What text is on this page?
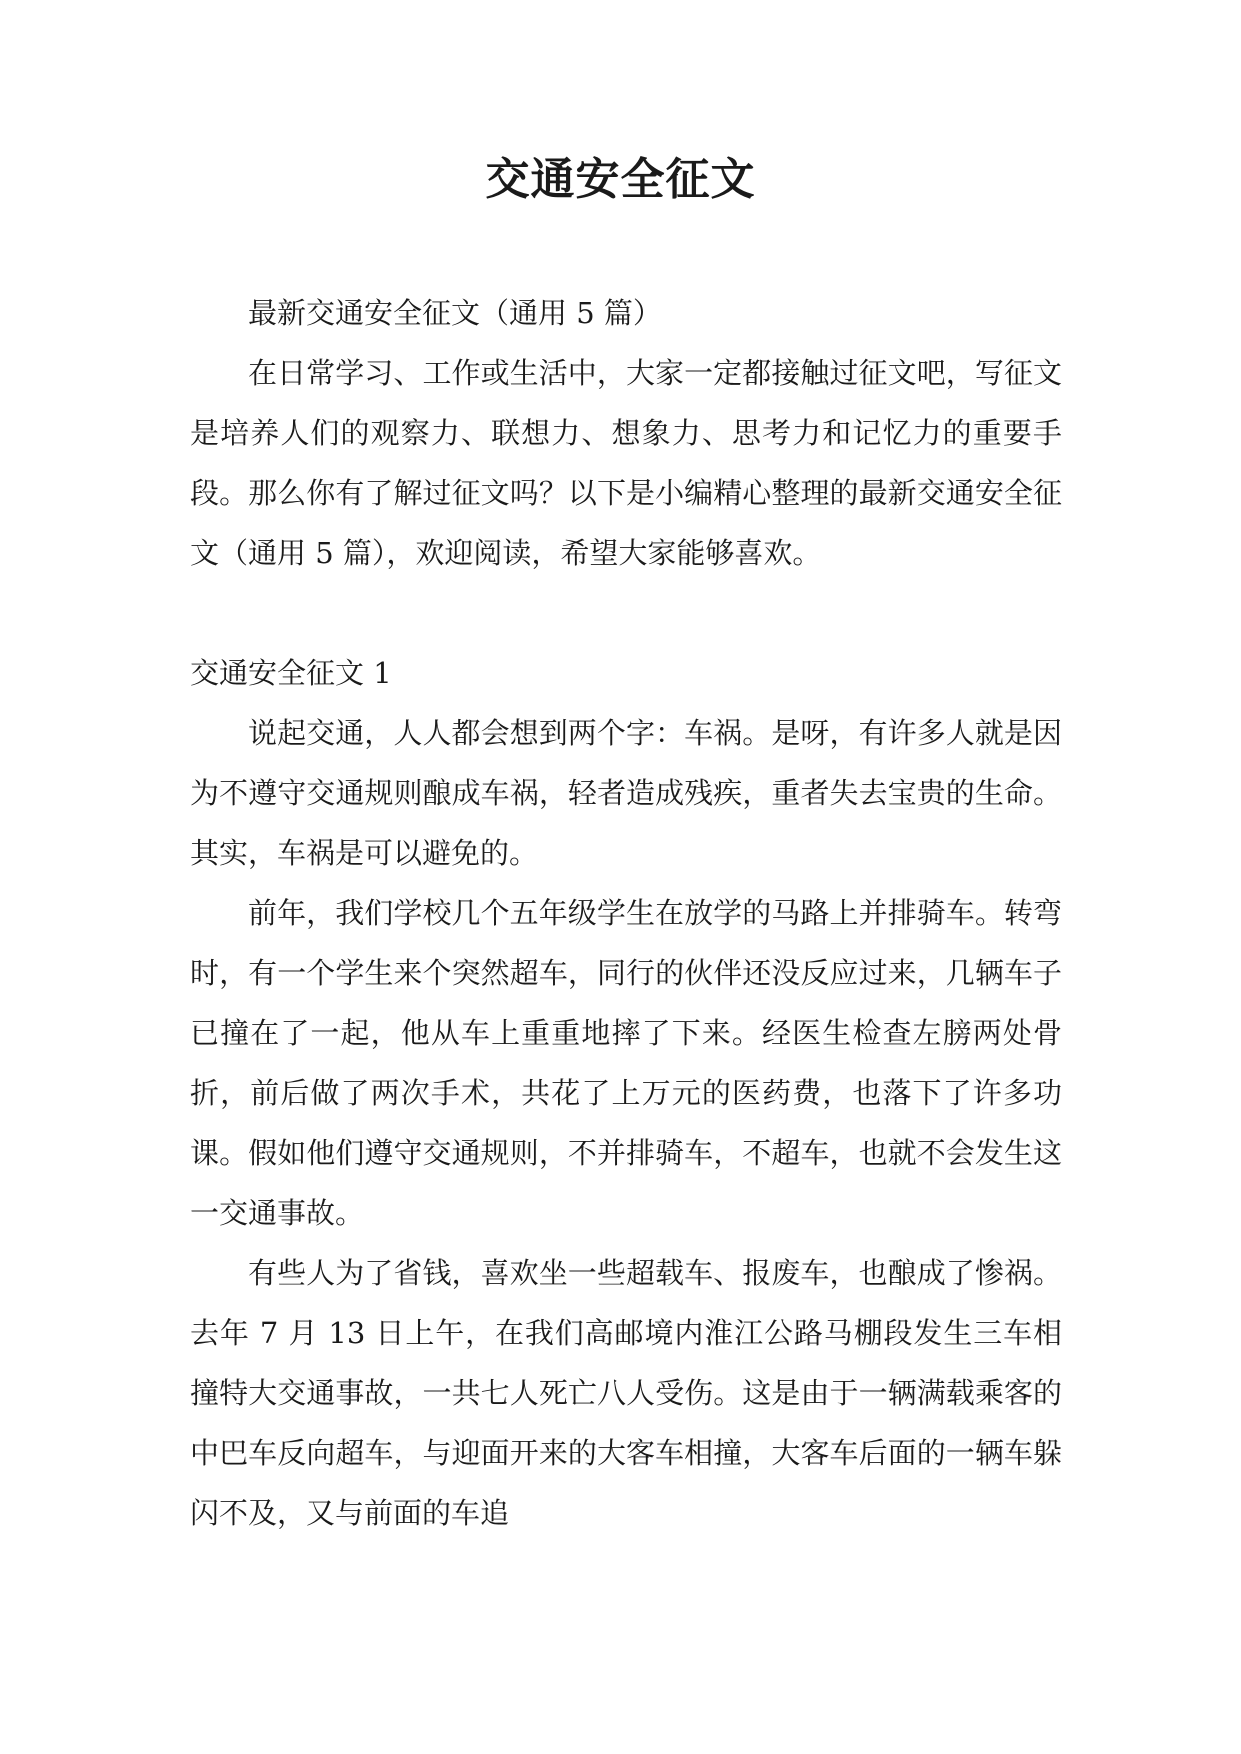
交通安全征文

最新交通安全征文（通用 5 篇）

在日常学习、工作或生活中，大家一定都接触过征文吧，写征文是培养人们的观察力、联想力、想象力、思考力和记忆力的重要手段。那么你有了解过征文吗？以下是小编精心整理的最新交通安全征文（通用 5 篇），欢迎阅读，希望大家能够喜欢。

交通安全征文 1

说起交通，人人都会想到两个字：车祸。是呀，有许多人就是因为不遵守交通规则酿成车祸，轻者造成残疾，重者失去宝贵的生命。其实，车祸是可以避免的。

前年，我们学校几个五年级学生在放学的马路上并排骑车。转弯时，有一个学生来个突然超车，同行的伙伴还没反应过来，几辆车子已撞在了一起，他从车上重重地摔了下来。经医生检查左膀两处骨折，前后做了两次手术，共花了上万元的医药费，也落下了许多功课。假如他们遵守交通规则，不并排骑车，不超车，也就不会发生这一交通事故。

有些人为了省钱，喜欢坐一些超载车、报废车，也酿成了惨祸。去年 7 月 13 日上午，在我们高邮境内淮江公路马棚段发生三车相撞特大交通事故，一共七人死亡八人受伤。这是由于一辆满载乘客的中巴车反向超车，与迎面开来的大客车相撞，大客车后面的一辆车躲闪不及，又与前面的车追
